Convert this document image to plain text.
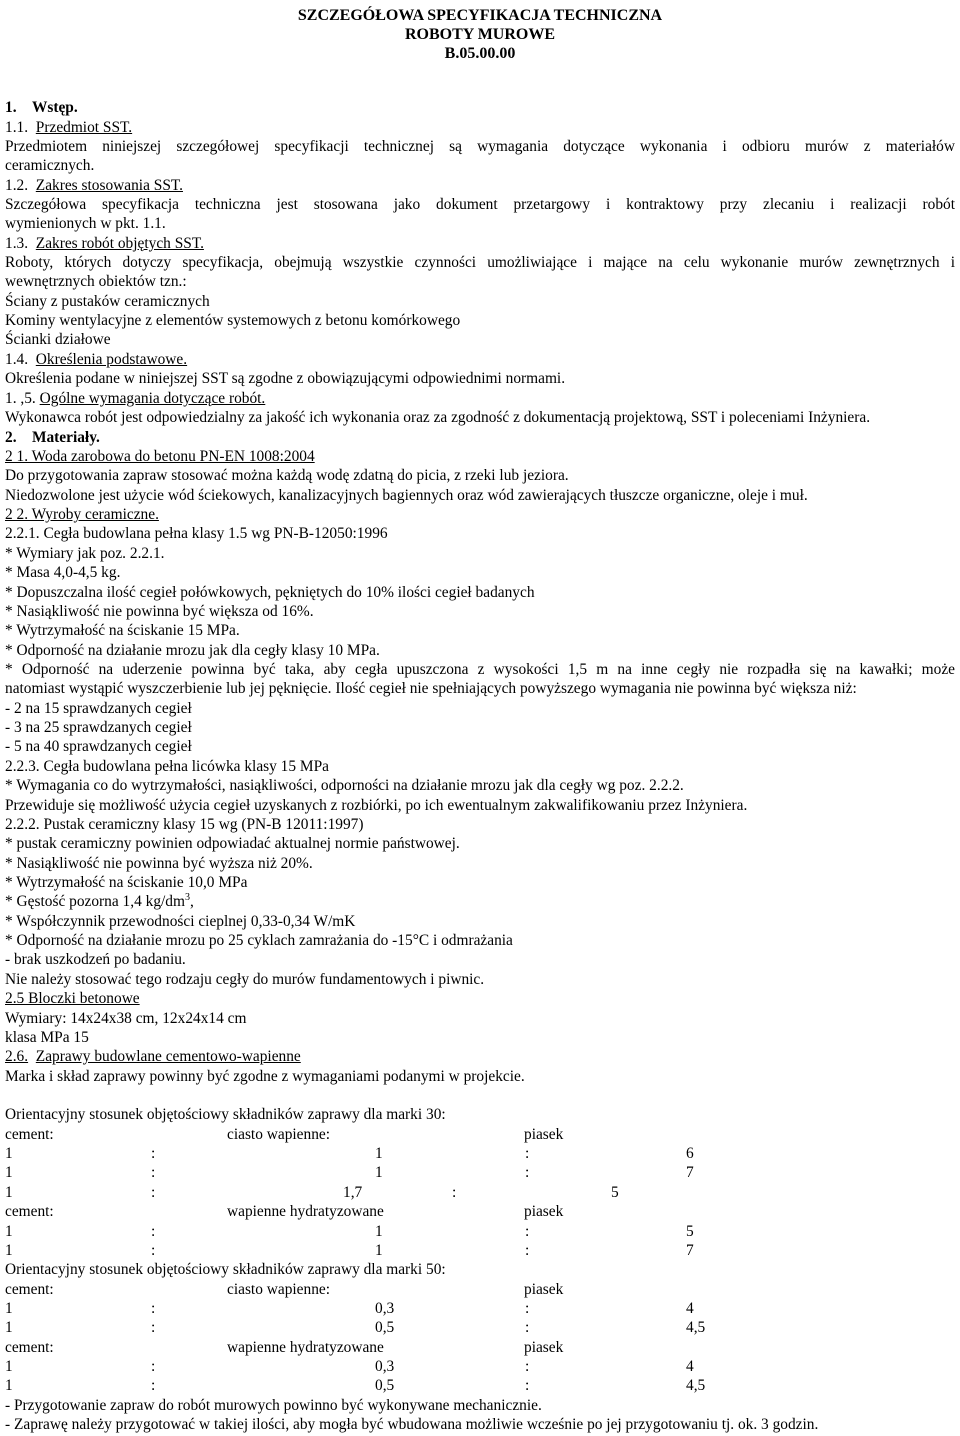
SZCZEGÓŁOWA SPECYFIKACJA TECHNICZNA
ROBOTY MUROWE
B.05.00.00
1. Wstęp.
1.1. Przedmiot SST.
Przedmiotem niniejszej szczegółowej specyfikacji technicznej są wymagania dotyczące wykonania i odbioru murów z materiałów
ceramicznych.
1.2. Zakres stosowania SST.
Szczegółowa specyfikacja techniczna jest stosowana jako dokument przetargowy i kontraktowy przy zlecaniu i realizacji robót
wymienionych w pkt. 1.1.
1.3. Zakres robót objętych SST.
Roboty, których dotyczy specyfikacja, obejmują wszystkie czynności umożliwiające i mające na celu wykonanie murów zewnętrznych i
wewnętrznych obiektów tzn.:
Ściany z pustaków ceramicznych
Kominy wentylacyjne z elementów systemowych z betonu komórkowego
Ścianki działowe
1.4. Określenia podstawowe.
Określenia podane w niniejszej SST są zgodne z obowiązującymi odpowiednimi normami.
1. ,5. Ogólne wymagania dotyczące robót.
Wykonawca robót jest odpowiedzialny za jakość ich wykonania oraz za zgodność z dokumentacją projektową, SST i poleceniami Inżyniera.
2. Materiały.
2 1. Woda zarobowa do betonu PN-EN 1008:2004
Do przygotowania zapraw stosować można każdą wodę zdatną do picia, z rzeki lub jeziora.
Niedozwolone jest użycie wód ściekowych, kanalizacyjnych bagiennych oraz wód zawierających tłuszcze organiczne, oleje i muł.
2 2. Wyroby ceramiczne.
2.2.1. Cegła budowlana pełna klasy 1.5 wg PN-B-12050:1996
* Wymiary jak poz. 2.2.1.
* Masa 4,0-4,5 kg.
* Dopuszczalna ilość cegieł połówkowych, pękniętych do 10% ilości cegieł badanych
* Nasiąkliwość nie powinna być większa od 16%.
* Wytrzymałość na ściskanie 15 MPa.
* Odporność na działanie mrozu jak dla cegły klasy 10 MPa.
* Odporność na uderzenie powinna być taka, aby cegła upuszczona z wysokości 1,5 m na inne cegły nie rozpadła się na kawałki; może
natomiast wystąpić wyszczerbienie lub jej pęknięcie. Ilość cegieł nie spełniających powyższego wymagania nie powinna być większa niż:
- 2 na 15 sprawdzanych cegieł
- 3 na 25 sprawdzanych cegieł
- 5 na 40 sprawdzanych cegieł
2.2.3. Cegła budowlana pełna licówka klasy 15 MPa
* Wymagania co do wytrzymałości, nasiąkliwości, odporności na działanie mrozu jak dla cegły wg poz. 2.2.2.
Przewiduje się możliwość użycia cegieł uzyskanych z rozbiórki, po ich ewentualnym zakwalifikowaniu przez Inżyniera.
2.2.2. Pustak ceramiczny klasy 15 wg (PN-B 12011:1997)
* pustak ceramiczny powinien odpowiadać aktualnej normie państwowej.
* Nasiąkliwość nie powinna być wyższa niż 20%.
* Wytrzymałość na ściskanie 10,0 MPa
* Gęstość pozorna 1,4 $kg/dm^3$,
* Współczynnik przewodności cieplnej 0,33-0,34 W/mK
* Odporność na działanie mrozu po 25 cyklach zamrażania do -15°C i odmrażania
- brak uszkodzeń po badaniu.
Nie należy stosować tego rodzaju cegły do murów fundamentowych i piwnic.
2.5 Bloczki betonowe
Wymiary: 14x24x38 cm, 12x24x14 cm
klasa MPa 15
2.6. Zaprawy budowlane cementowo-wapienne
Marka i skład zaprawy powinny być zgodne z wymaganiami podanymi w projekcie.
Orientacyjny stosunek objętościowy składników zaprawy dla marki 30:
cement:	ciasto wapienne:	piasek
1	:	1	:	6
1	:	1	:	7
1	:	1,7	:	5
cement:	wapienne hydratyzowane	piasek
1	:	1	:	5
1	:	1	:	7
Orientacyjny stosunek objętościowy składników zaprawy dla marki 50:
cement:	ciasto wapienne:	piasek
1	:	0,3	:	4
1	:	0,5	:	4,5
cement:	wapienne hydratyzowane	piasek
1	:	0,3	:	4
1	:	0,5	:	4,5
- Przygotowanie zapraw do robót murowych powinno być wykonywane mechanicznie.
- Zaprawę należy przygotować w takiej ilości, aby mogła być wbudowana możliwie wcześnie po jej przygotowaniu tj. ok. 3 godzin.
